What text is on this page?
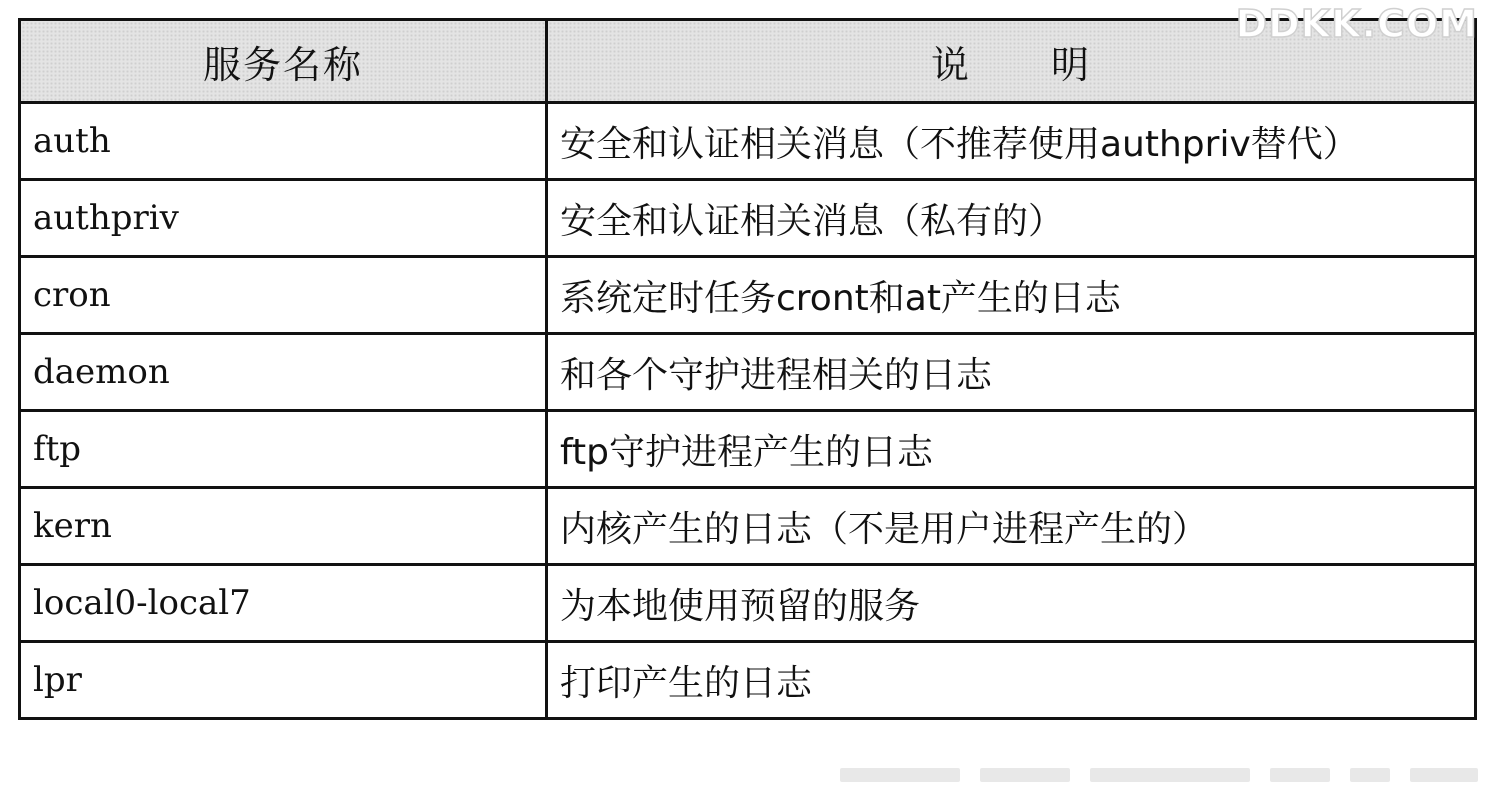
服务名称	说　　明
auth	安全和认证相关消息（不推荐使用authpriv替代）
authpriv	安全和认证相关消息（私有的）
cron	系统定时任务cront和at产生的日志
daemon	和各个守护进程相关的日志
ftp	ftp守护进程产生的日志
kern	内核产生的日志（不是用户进程产生的）
local0-local7	为本地使用预留的服务
lpr	打印产生的日志
DDKK.COM
